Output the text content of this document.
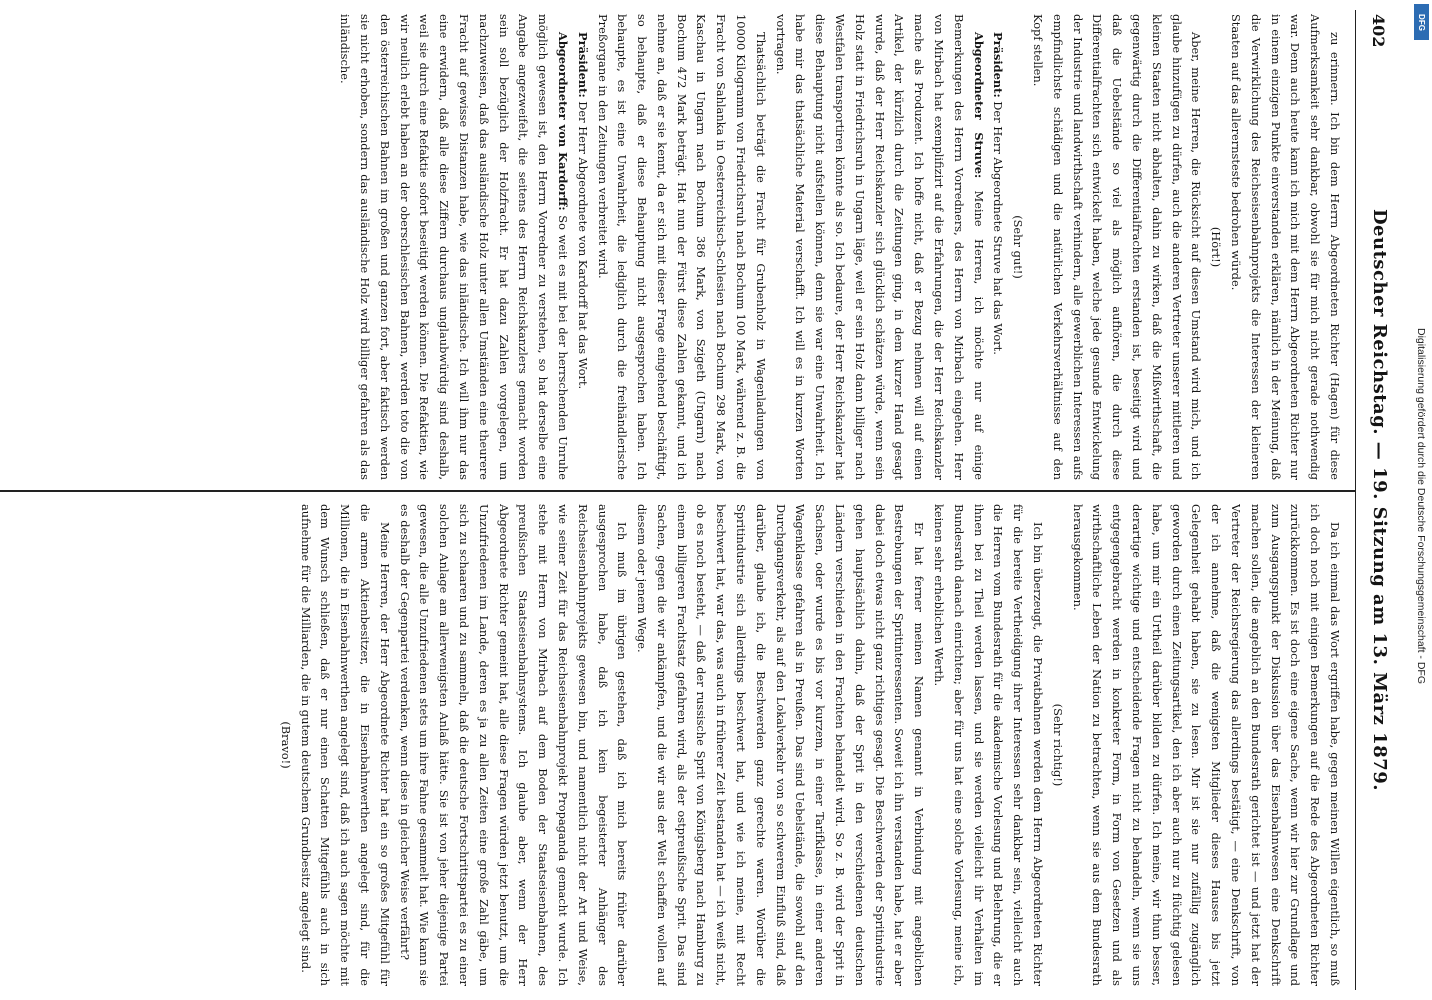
402
Deutscher Reichstag. — 19. Sitzung am 13. März 1879.

zu erinnern. Ich bin dem Herrn Abgeordneten Richter (Hagen) für diese Aufmerksamkeit sehr dankbar, obwohl sie für mich nicht gerade nothwendig war. Denn auch heute kann ich mich mit dem Herrn Abgeordneten Richter nur in einem einzigen Punkte einverstanden erklären, nämlich in der Meinung, daß die Verwirklichung des Reichseisenbahnprojekts die Interessen der kleineren Staaten auf das allerernsteste bedrohen würde.

(Hört!)

Aber, meine Herren, die Rücksicht auf diesen Umstand wird mich, und ich glaube hinzufügen zu dürfen, auch die anderen Vertreter unserer mittleren und kleinen Staaten nicht abhalten, dahin zu wirken, daß die Mißwirthschaft, die gegenwärtig durch die Differentialfrachten erstanden ist, beseitigt wird und daß die Uebelstände so viel als möglich aufhören, die durch diese Differentialfrachten sich entwickelt haben, welche jede gesunde Entwickelung der Industrie und landwirthschaft verhindern, alle gewerblichen Interessen aufs empfindlichste schädigen und die natürlichen Verkehrsverhältnisse auf den Kopf stellen.

(Sehr gut!)

Präsident: Der Herr Abgeordnete Struve hat das Wort.

Abgeordneter Struve: Meine Herren, ich möchte nur auf einige Bemerkungen des Herrn Vorredners, des Herrn von Mirbach eingehen. Herr von Mirbach hat exemplifizirt auf die Erfahrungen, die der Herr Reichskanzler mache als Produzent. Ich hoffe nicht, daß er Bezug nehmen will auf einen Artikel, der kürzlich durch die Zeitungen ging, in dem kurzer Hand gesagt wurde, daß der Herr Reichskanzler sich glücklich schätzen würde, wenn sein Holz statt in Friedrichsruh in Ungarn läge, weil er sein Holz dann billiger nach Westfalen transportiren könnte als so. Ich bedaure, der Herr Reichskanzler hat diese Behauptung nicht aufstellen können, denn sie war eine Unwahrheit. Ich habe mir das thatsächliche Material verschafft. Ich will es in kurzen Worten vortragen.

Thatsächlich beträgt die Fracht für Grubenholz in Wagenladungen von 10000 Kilogramm von Friedrichsruh nach Bochum 100 Mark, während z. B. die Fracht von Sahlanka in Oesterreichisch-Schlesien nach Bochum 298 Mark, von Kaschau in Ungarn nach Bochum 386 Mark, von Szigeth (Ungarn) nach Bochum 472 Mark beträgt. Hat nun der Fürst diese Zahlen gekannt, und ich nehme an, daß er sie kennt, da er sich mit dieser Frage eingehend beschäftigt, so behaupte, daß er diese Behauptung nicht ausgesprochen haben. Ich behaupte, es ist eine Unwahrheit, die lediglich durch die freihändlerische Preßorgane in den Zeitungen verbreitet wird.

Präsident: Der Herr Abgeordnete von Kardorff hat das Wort.

Abgeordneter von Kardorff: So weit es mit bei der herrschenden Unruhe möglich gewesen ist, den Herrn Vorredner zu verstehen, so hat derselbe eine Angabe angezweifelt, die seitens des Herrn Reichskanzlers gemacht worden sein soll bezüglich der Holzfracht. Er hat dazu Zahlen vorgelegen, um nachzuweisen, daß das ausländische Holz unter allen Umständen eine theurere Fracht auf gewisse Distanzen habe, wie das inländische. Ich will ihm nur das eine erwidern, daß alle diese Ziffern durchaus unglaubwürdig sind deshalb, weil sie durch eine Refaktie sofort beseitigt werden können. Die Refaktien, wie wir neulich erlebt haben an der oberschlesischen Bahnen, werden toto die von den österreichischen Bahnen im großen und ganzen fort, aber faktisch werden sie nicht erhoben, sondern das ausländische Holz wird billiger gefahren als das inländische.

Da ich einmal das Wort ergriffen habe, gegen meinen Willen eigentlich, so muß ich doch noch mit einigen Bemerkungen auf die Rede des Abgeordneten Richter zurückkommen. Es ist doch eine eigene Sache, wenn wir hier zur Grundlage und zum Ausgangspunkt der Diskussion über das Eisenbahnwesen eine Denkschrift machen sollen, die angeblich an den Bundesrath gerichtet ist — und jetzt hat der Vertreter der Reichsregierung das allerdings bestätigt, — eine Denkschrift, von der ich annehme, daß die wenigsten Mitglieder dieses Hauses bis jetzt Gelegenheit gehabt haben, sie zu lesen. Mir ist sie nur zufällig zugänglich geworden durch einen Zeitungsartikel, den ich aber auch nur zu flüchtig gelesen habe, um mir ein Urtheil darüber bilden zu dürfen. Ich meine, wir thun besser, derartige wichtige und entscheidende Fragen nicht zu behandeln, wenn sie uns entgegengebracht werden in konkreter Form, in Form von Gesetzen und als wirthschaftliche Leben der Nation zu betrachten, wenn sie aus dem Bundesrath herausgekommen.

(Sehr richtig!)

Ich bin überzeugt, die Privatbahnen werden dem Herrn Abgeordneten Richter für die bereite Vertheidigung ihrer Interessen sehr dankbar sein, vielleicht auch die Herren vom Bundesrath für die akademische Vorlesung und Belehrung, die er ihnen bei zu Theil werden lassen, und sie werden vielleicht ihr Verhalten im Bundesrath danach einrichten; aber für uns hat eine solche Vorlesung, meine ich, keinen sehr erheblichen Werth.

Er hat ferner meinen Namen genannt in Verbindung mit angeblichen Bestrebungen der Spritinteressenten. Soweit ich ihn verstanden habe, hat er aber dabei doch etwas nicht ganz richtiges gesagt. Die Beschwerden der Spritindustrie gehen hauptsächlich dahin, daß der Sprit in den verschiedenen deutschen Ländern verschieden in den Frachten behandelt wird. So z. B. wird der Sprit in Sachsen, oder wurde es bis vor kurzem, in einer Tarifklasse, in einer anderen Wagenklasse gefahren als in Preußen. Das sind Uebelstände, die sowohl auf den Durchgangsverkehr, als auf den Lokalverkehr von so schwerem Einfluß sind, daß darüber, glaube ich, die Beschwerden ganz gerechte waren. Worüber die Spritindustrie sich allerdings beschwert hat, und wie ich meine, mit Recht beschwert hat, war das, was auch in früherer Zeit bestanden hat — ich weiß nicht, ob es noch besteht, — daß der russische Sprit von Königsberg nach Hamburg zu einem billigeren Frachtsatz gefahren wird, als der ostpreußische Sprit. Das sind Sachen, gegen die wir ankämpfen, und die wir aus der Welt schaffen wollen auf diesem oder jenem Wege.

Ich muß im übrigen gestehen, daß ich mich bereits früher darüber ausgesprochen habe, daß ich kein begeisterter Anhänger des Reichseisenbahnprojekts gewesen bin, und namentlich nicht der Art und Weise, wie seiner Zeit für das Reichseisenbahnprojekt Propaganda gemacht wurde. Ich stehe mit Herrn von Mirbach auf dem Boden der Staatseisenbahnen, des preußischen Staatseisenbahnsystems. Ich glaube aber, wenn der Herr Abgeordnete Richter gemeint hat, alle diese Fragen würden jetzt benutzt, um die Unzufriedenen im Lande, deren es ja zu allen Zeiten eine große Zahl gäbe, um sich zu schaaren und zu sammeln, daß die deutsche Fortschrittspartei es zu einer solchen Anlage am allerwenigsten Anlaß hätte. Sie ist von jeher diejenige Partei gewesen, die alle Unzufriedenen stets um ihre Fahne gesammelt hat. Wie kann sie es deshalb der Gegenpartei verdenken, wenn diese in gleicher Weise verfährt?

Meine Herren, der Herr Abgeordnete Richter hat ein so großes Mitgefühl für die armen Aktienbesitzer, die in Eisenbahnwerthen angelegt sind, für die Millionen, die in Eisenbahnwerthen angelegt sind, daß ich auch sagen möchte mit dem Wunsch schließen, daß er nur einen Schatten Mitgefühls auch in sich aufnehme für die Milliarden, die in gutem deutschem Grundbesitz angelegt sind.

(Bravo!)

Digitalisierung gefördert durch die Deutsche Forschungsgemeinschaft - DFG
DFG
